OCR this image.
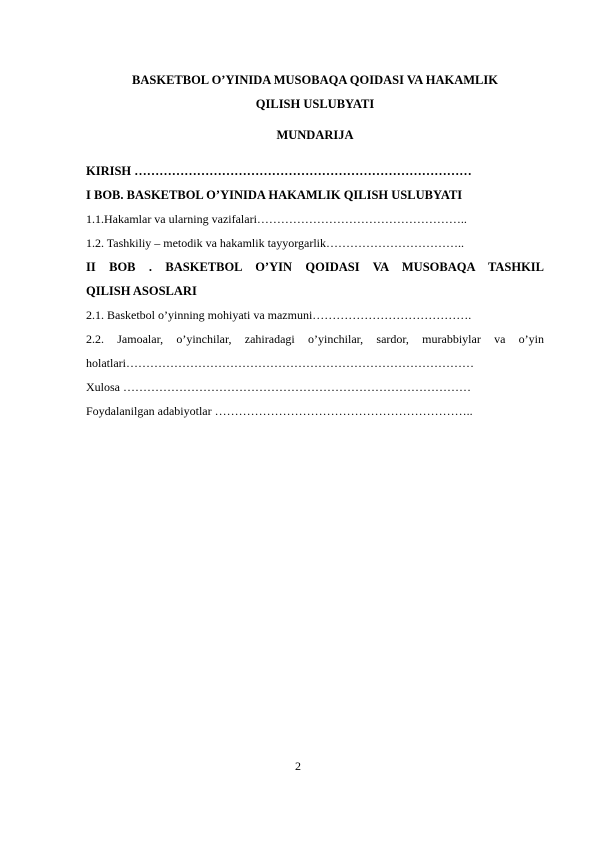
BASKETBOL O’YINIDA MUSOBAQA QOIDASI VA HAKAMLIK
QILISH USLUBYATI
MUNDARIJA
KIRISH ………………………………………………………………………
I BOB. BASKETBOL O’YINIDA HAKAMLIK QILISH USLUBYATI
1.1.Hakamlar va ularning vazifalari……………………………………………..
1.2. Tashkiliy – metodik va hakamlik tayyorgarlik……………………………..
II BOB . BASKETBOL O’YIN QOIDASI VA MUSOBAQA TASHKIL
QILISH ASOSLARI
2.1. Basketbol o’yinning mohiyati va mazmuni………………………………….
2.2. Jamoalar, o’yinchilar, zahiradagi o’yinchilar, sardor, murabbiylar va o’yin
holatlari……………………………………………………………………………
Xulosa ……………………………………………………………………………
Foydalanilgan adabiyotlar ………………………………………………………..
2
